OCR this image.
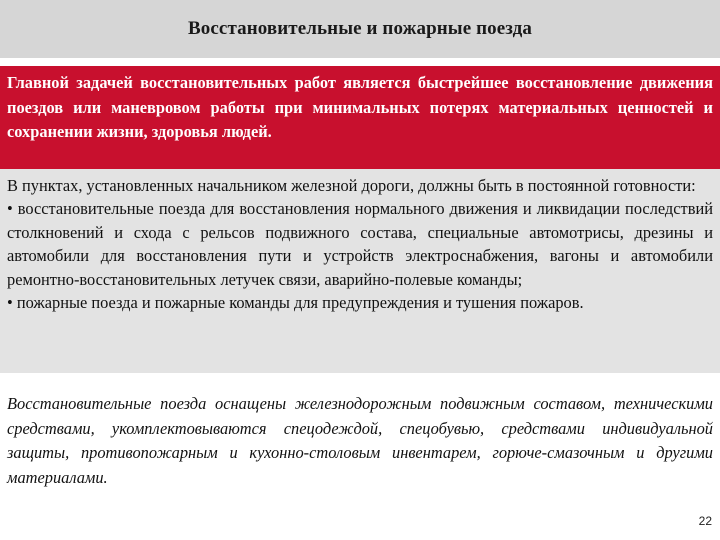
Восстановительные и пожарные поезда

Главной задачей восстановительных работ является быстрейшее восстановление движения поездов или маневровом работы при минимальных потерях материальных ценностей и сохранении жизни, здоровья людей.

В пунктах, установленных начальником железной дороги, должны быть в постоянной готовности:

• восстановительные поезда для восстановления нормального движения и ликвидации последствий столкновений и схода с рельсов подвижного состава, специальные автомотрисы, дрезины и автомобили для восстановления пути и устройств электроснабжения, вагоны и автомобили ремонтно-восстановительных летучек связи, аварийно-полевые команды;

• пожарные поезда и пожарные команды для предупреждения и тушения пожаров.

Восстановительные поезда оснащены железнодорожным подвижным составом, техническими средствами, укомплектовываются спецодеждой, спецобувью, средствами индивидуальной защиты, противопожарным и кухонно-столовым инвентарем, горюче-смазочным и другими материалами.

22
